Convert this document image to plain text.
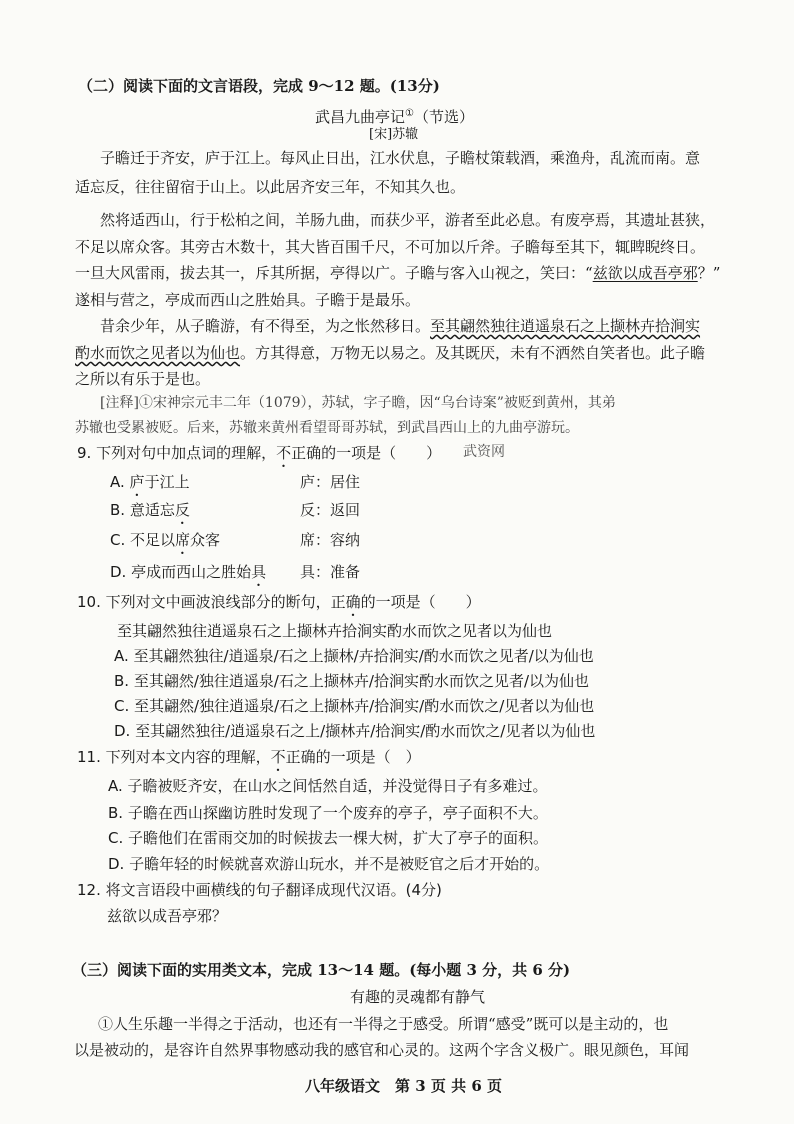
（二）阅读下面的文言语段，完成 9～12 题。(13分)
武昌九曲亭记①（节选）
[宋]苏辙
子瞻迁于齐安，庐于江上。每风止日出，江水伏息，子瞻杖策载酒，乘渔舟，乱流而南。意
适忘反，往往留宿于山上。以此居齐安三年，不知其久也。
然将适西山，行于松柏之间，羊肠九曲，而获少平，游者至此必息。有废亭焉，其遗址甚狭，
不足以席众客。其旁古木数十，其大皆百围千尺，不可加以斤斧。子瞻每至其下，辄睥睨终日。
一旦大风雷雨，拔去其一，斥其所据，亭得以广。子瞻与客入山视之，笑曰：“兹欲以成吾亭邪？”
遂相与营之，亭成而西山之胜始具。子瞻于是最乐。
昔余少年，从子瞻游，有不得至，为之怅然移日。至其翩然独往逍遥泉石之上撷林卉拾涧实
酌水而饮之见者以为仙也。方其得意，万物无以易之。及其既厌，未有不洒然自笑者也。此子瞻
之所以有乐于是也。
[注释]①宋神宗元丰二年（1079），苏轼，字子瞻，因“乌台诗案”被贬到黄州，其弟
苏辙也受累被贬。后来，苏辙来黄州看望哥哥苏轼，到武昌西山上的九曲亭游玩。
9. 下列对句中加点词的理解，不正确的一项是（　　） 武资网
A. 庐于江上	庐：居住
B. 意适忘反	反：返回
C. 不足以席众客	席：容纳
D. 亭成而西山之胜始具 具：准备
10. 下列对文中画波浪线部分的断句，正确的一项是（　　）
至其翩然独往逍遥泉石之上撷林卉拾涧实酌水而饮之见者以为仙也
A. 至其翩然独往/逍遥泉/石之上撷林/卉拾涧实/酌水而饮之见者/以为仙也
B. 至其翩然/独往逍遥泉/石之上撷林卉/拾涧实酌水而饮之见者/以为仙也
C. 至其翩然/独往逍遥泉/石之上撷林卉/拾涧实/酌水而饮之/见者以为仙也
D. 至其翩然独往/逍遥泉石之上/撷林卉/拾涧实/酌水而饮之/见者以为仙也
11. 下列对本文内容的理解，不正确的一项是（　）
A. 子瞻被贬齐安，在山水之间恬然自适，并没觉得日子有多难过。
B. 子瞻在西山探幽访胜时发现了一个废弃的亭子，亭子面积不大。
C. 子瞻他们在雷雨交加的时候拔去一棵大树，扩大了亭子的面积。
D. 子瞻年轻的时候就喜欢游山玩水，并不是被贬官之后才开始的。
12. 将文言语段中画横线的句子翻译成现代汉语。(4分)
兹欲以成吾亭邪？
（三）阅读下面的实用类文本，完成 13～14 题。(每小题 3 分，共 6 分)
有趣的灵魂都有静气
①人生乐趣一半得之于活动，也还有一半得之于感受。所谓“感受”既可以是主动的，也
以是被动的，是容许自然界事物感动我的感官和心灵的。这两个字含义极广。眼见颜色，耳闻
八年级语文　第 3 页 共 6 页
